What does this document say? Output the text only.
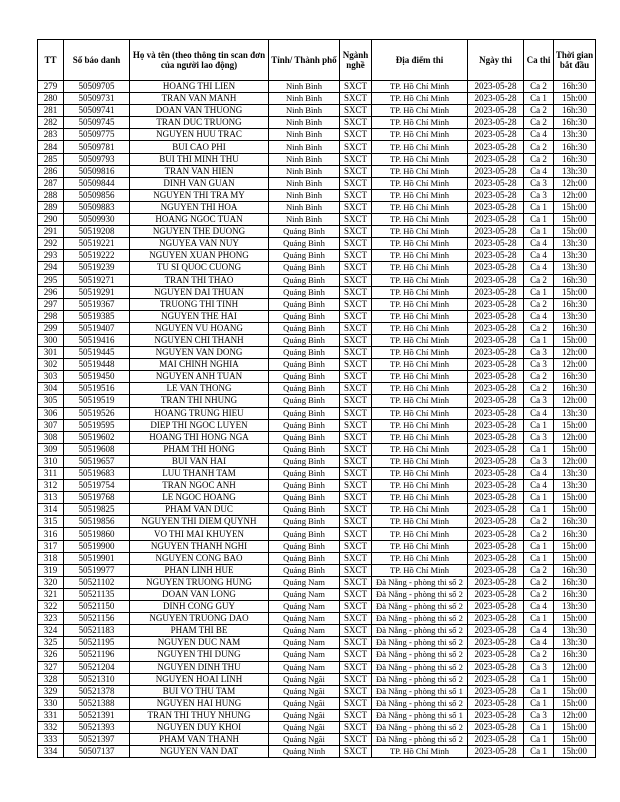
TT	Số báo danh	Họ và tên (theo thông tin scan đơn của người lao động)	Tỉnh/ Thành phố	Ngành nghề	Địa điểm thi	Ngày thi	Ca thi	Thời gian bắt đầu
279	50509705	HOANG THI LIEN	Ninh Bình	SXCT	TP. Hồ Chí Minh	2023-05-28	Ca 2	16h:30
280	50509731	TRAN VAN MANH	Ninh Bình	SXCT	TP. Hồ Chí Minh	2023-05-28	Ca 1	15h:00
281	50509741	DOAN VAN THUONG	Ninh Bình	SXCT	TP. Hồ Chí Minh	2023-05-28	Ca 2	16h:30
282	50509745	TRAN DUC TRUONG	Ninh Bình	SXCT	TP. Hồ Chí Minh	2023-05-28	Ca 2	16h:30
283	50509775	NGUYEN HUU TRAC	Ninh Bình	SXCT	TP. Hồ Chí Minh	2023-05-28	Ca 4	13h:30
284	50509781	BUI CAO PHI	Ninh Bình	SXCT	TP. Hồ Chí Minh	2023-05-28	Ca 2	16h:30
285	50509793	BUI THI MINH THU	Ninh Bình	SXCT	TP. Hồ Chí Minh	2023-05-28	Ca 2	16h:30
286	50509816	TRAN VAN HIEN	Ninh Bình	SXCT	TP. Hồ Chí Minh	2023-05-28	Ca 4	13h:30
287	50509844	DINH VAN GUAN	Ninh Bình	SXCT	TP. Hồ Chí Minh	2023-05-28	Ca 3	12h:00
288	50509856	NGUYEN THI TRA MY	Ninh Bình	SXCT	TP. Hồ Chí Minh	2023-05-28	Ca 3	12h:00
289	50509883	NGUYEN THI HOA	Ninh Bình	SXCT	TP. Hồ Chí Minh	2023-05-28	Ca 1	15h:00
290	50509930	HOANG NGOC TUAN	Ninh Bình	SXCT	TP. Hồ Chí Minh	2023-05-28	Ca 1	15h:00
291	50519208	NGUYEN THE DUONG	Quảng Bình	SXCT	TP. Hồ Chí Minh	2023-05-28	Ca 1	15h:00
292	50519221	NGUYEA VAN NUY	Quảng Bình	SXCT	TP. Hồ Chí Minh	2023-05-28	Ca 4	13h:30
293	50519222	NGUYEN XUAN PHONG	Quảng Bình	SXCT	TP. Hồ Chí Minh	2023-05-28	Ca 4	13h:30
294	50519239	TU SI QUOC CUONG	Quảng Bình	SXCT	TP. Hồ Chí Minh	2023-05-28	Ca 4	13h:30
295	50519271	TRAN THI THAO	Quảng Bình	SXCT	TP. Hồ Chí Minh	2023-05-28	Ca 2	16h:30
296	50519291	NGUYEN DAI THUAN	Quảng Bình	SXCT	TP. Hồ Chí Minh	2023-05-28	Ca 1	15h:00
297	50519367	TRUONG THI TINH	Quảng Bình	SXCT	TP. Hồ Chí Minh	2023-05-28	Ca 2	16h:30
298	50519385	NGUYEN THE HAI	Quảng Bình	SXCT	TP. Hồ Chí Minh	2023-05-28	Ca 4	13h:30
299	50519407	NGUYEN VU HOANG	Quảng Bình	SXCT	TP. Hồ Chí Minh	2023-05-28	Ca 2	16h:30
300	50519416	NGUYEN CHI THANH	Quảng Bình	SXCT	TP. Hồ Chí Minh	2023-05-28	Ca 1	15h:00
301	50519445	NGUYEN VAN DONG	Quảng Bình	SXCT	TP. Hồ Chí Minh	2023-05-28	Ca 3	12h:00
302	50519448	MAI CHINH NGHIA	Quảng Bình	SXCT	TP. Hồ Chí Minh	2023-05-28	Ca 3	12h:00
303	50519450	NGUYEN ANH TUAN	Quảng Bình	SXCT	TP. Hồ Chí Minh	2023-05-28	Ca 2	16h:30
304	50519516	LE VAN THONG	Quảng Bình	SXCT	TP. Hồ Chí Minh	2023-05-28	Ca 2	16h:30
305	50519519	TRAN THI NHUNG	Quảng Bình	SXCT	TP. Hồ Chí Minh	2023-05-28	Ca 3	12h:00
306	50519526	HOANG TRUNG HIEU	Quảng Bình	SXCT	TP. Hồ Chí Minh	2023-05-28	Ca 4	13h:30
307	50519595	DIEP THI NGOC LUYEN	Quảng Bình	SXCT	TP. Hồ Chí Minh	2023-05-28	Ca 1	15h:00
308	50519602	HOANG THI HONG NGA	Quảng Bình	SXCT	TP. Hồ Chí Minh	2023-05-28	Ca 3	12h:00
309	50519608	PHAM THI HONG	Quảng Bình	SXCT	TP. Hồ Chí Minh	2023-05-28	Ca 1	15h:00
310	50519657	BUI VAN HAI	Quảng Bình	SXCT	TP. Hồ Chí Minh	2023-05-28	Ca 3	12h:00
311	50519683	LUU THANH TAM	Quảng Bình	SXCT	TP. Hồ Chí Minh	2023-05-28	Ca 4	13h:30
312	50519754	TRAN NGOC ANH	Quảng Bình	SXCT	TP. Hồ Chí Minh	2023-05-28	Ca 4	13h:30
313	50519768	LE NGOC HOANG	Quảng Bình	SXCT	TP. Hồ Chí Minh	2023-05-28	Ca 1	15h:00
314	50519825	PHAM VAN DUC	Quảng Bình	SXCT	TP. Hồ Chí Minh	2023-05-28	Ca 1	15h:00
315	50519856	NGUYEN THI DIEM QUYNH	Quảng Bình	SXCT	TP. Hồ Chí Minh	2023-05-28	Ca 2	16h:30
316	50519860	VO THI MAI KHUYEN	Quảng Bình	SXCT	TP. Hồ Chí Minh	2023-05-28	Ca 2	16h:30
317	50519900	NGUYEN THANH NGHI	Quảng Bình	SXCT	TP. Hồ Chí Minh	2023-05-28	Ca 1	15h:00
318	50519901	NGUYEN CONG BAO	Quảng Bình	SXCT	TP. Hồ Chí Minh	2023-05-28	Ca 1	15h:00
319	50519977	PHAN LINH HUE	Quảng Bình	SXCT	TP. Hồ Chí Minh	2023-05-28	Ca 2	16h:30
320	50521102	NGUYEN TRUONG HUNG	Quảng Nam	SXCT	Đà Nẵng - phòng thi số 2	2023-05-28	Ca 2	16h:30
321	50521135	DOAN VAN LONG	Quảng Nam	SXCT	Đà Nẵng - phòng thi số 2	2023-05-28	Ca 2	16h:30
322	50521150	DINH CONG GUY	Quảng Nam	SXCT	Đà Nẵng - phòng thi số 2	2023-05-28	Ca 4	13h:30
323	50521156	NGUYEN TRUONG DAO	Quảng Nam	SXCT	Đà Nẵng - phòng thi số 2	2023-05-28	Ca 1	15h:00
324	50521183	PHAM THI BE	Quảng Nam	SXCT	Đà Nẵng - phòng thi số 2	2023-05-28	Ca 4	13h:30
325	50521195	NGUYEN DUC NAM	Quảng Nam	SXCT	Đà Nẵng - phòng thi số 2	2023-05-28	Ca 4	13h:30
326	50521196	NGUYEN THI DUNG	Quảng Nam	SXCT	Đà Nẵng - phòng thi số 2	2023-05-28	Ca 2	16h:30
327	50521204	NGUYEN DINH THU	Quảng Nam	SXCT	Đà Nẵng - phòng thi số 2	2023-05-28	Ca 3	12h:00
328	50521310	NGUYEN HOAI LINH	Quảng Ngãi	SXCT	Đà Nẵng - phòng thi số 2	2023-05-28	Ca 1	15h:00
329	50521378	BUI VO THU TAM	Quảng Ngãi	SXCT	Đà Nẵng - phòng thi số 1	2023-05-28	Ca 1	15h:00
330	50521388	NGUYEN HAI HUNG	Quảng Ngãi	SXCT	Đà Nẵng - phòng thi số 2	2023-05-28	Ca 1	15h:00
331	50521391	TRAN THI THUY NHUNG	Quảng Ngãi	SXCT	Đà Nẵng - phòng thi số 1	2023-05-28	Ca 3	12h:00
332	50521393	NGUYEN DUY KHOI	Quảng Ngãi	SXCT	Đà Nẵng - phòng thi số 2	2023-05-28	Ca 1	15h:00
333	50521397	PHAM VAN THANH	Quảng Ngãi	SXCT	Đà Nẵng - phòng thi số 2	2023-05-28	Ca 1	15h:00
334	50507137	NGUYEN VAN DAT	Quảng Ninh	SXCT	TP. Hồ Chí Minh	2023-05-28	Ca 1	15h:00
